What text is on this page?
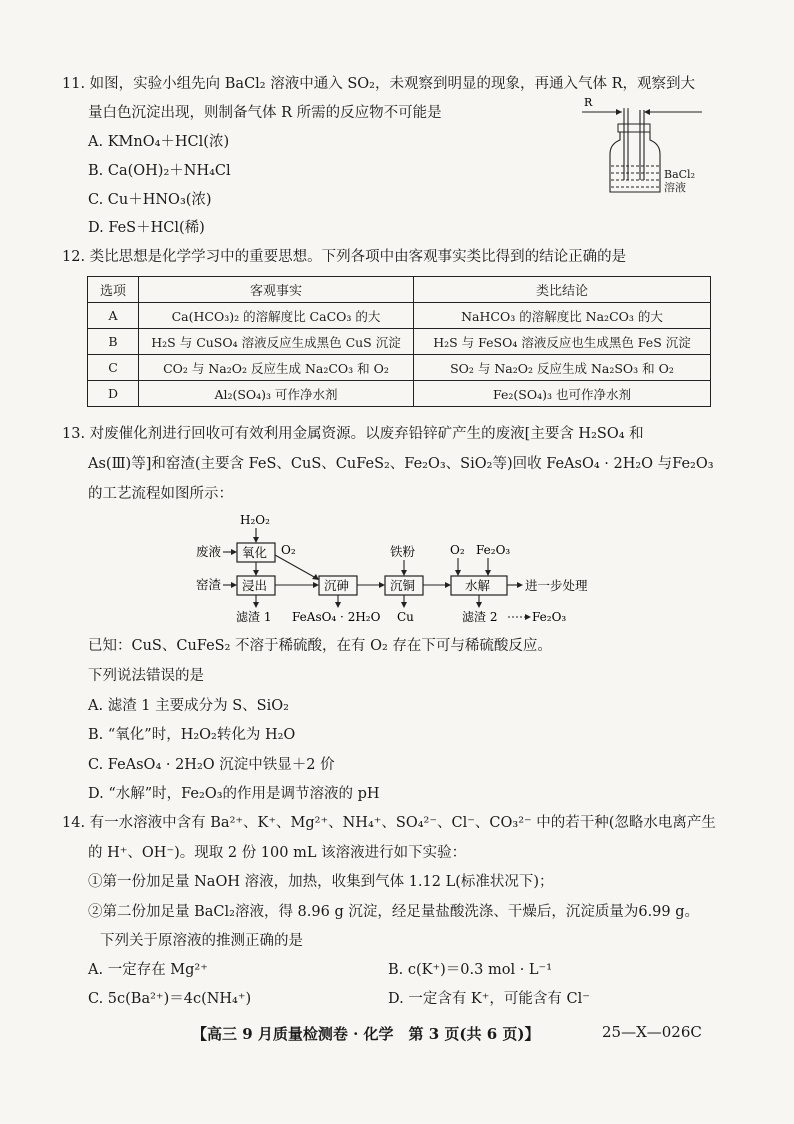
11. 如图，实验小组先向 BaCl₂ 溶液中通入 SO₂，未观察到明显的现象，再通入气体 R，观察到大
量白色沉淀出现，则制备气体 R 所需的反应物不可能是
A. KMnO₄＋HCl(浓)
B. Ca(OH)₂＋NH₄Cl
C. Cu＋HNO₃(浓)
D. FeS＋HCl(稀)
R
BaCl₂
溶液
12. 类比思想是化学学习中的重要思想。下列各项中由客观事实类比得到的结论正确的是
选项	客观事实	类比结论
A	Ca(HCO₃)₂ 的溶解度比 CaCO₃ 的大	NaHCO₃ 的溶解度比 Na₂CO₃ 的大
B	H₂S 与 CuSO₄ 溶液反应生成黑色 CuS 沉淀	H₂S 与 FeSO₄ 溶液反应也生成黑色 FeS 沉淀
C	CO₂ 与 Na₂O₂ 反应生成 Na₂CO₃ 和 O₂	SO₂ 与 Na₂O₂ 反应生成 Na₂SO₃ 和 O₂
D	Al₂(SO₄)₃ 可作净水剂	Fe₂(SO₄)₃ 也可作净水剂
13. 对废催化剂进行回收可有效利用金属资源。以废弃铅锌矿产生的废液[主要含 H₂SO₄ 和
As(Ⅲ)等]和窑渣(主要含 FeS、CuS、CuFeS₂、Fe₂O₃、SiO₂等)回收 FeAsO₄ · 2H₂O 与Fe₂O₃
的工艺流程如图所示：
H₂O₂
废液 氧化 O₂
窑渣 浸出	沉砷
铁粉
沉铜
O₂ Fe₂O₃
水解	进一步处理
滤渣 1 FeAsO₄ · 2H₂O Cu	滤渣 2	Fe₂O₃
已知：CuS、CuFeS₂ 不溶于稀硫酸，在有 O₂ 存在下可与稀硫酸反应。
下列说法错误的是
A. 滤渣 1 主要成分为 S、SiO₂
B. “氧化”时，H₂O₂转化为 H₂O
C. FeAsO₄ · 2H₂O 沉淀中铁显＋2 价
D. “水解”时，Fe₂O₃的作用是调节溶液的 pH
14. 有一水溶液中含有 Ba²⁺、K⁺、Mg²⁺、NH₄⁺、SO₄²⁻、Cl⁻、CO₃²⁻ 中的若干种(忽略水电离产生
的 H⁺、OH⁻)。现取 2 份 100 mL 该溶液进行如下实验：
①第一份加足量 NaOH 溶液，加热，收集到气体 1.12 L(标准状况下)；
②第二份加足量 BaCl₂溶液，得 8.96 g 沉淀，经足量盐酸洗涤、干燥后，沉淀质量为6.99 g。
下列关于原溶液的推测正确的是
A. 一定存在 Mg²⁺	B. c(K⁺)＝0.3 mol · L⁻¹
C. 5c(Ba²⁺)＝4c(NH₄⁺)	D. 一定含有 K⁺，可能含有 Cl⁻
【高三 9 月质量检测卷 · 化学　第 3 页(共 6 页)】	25—X—026C
